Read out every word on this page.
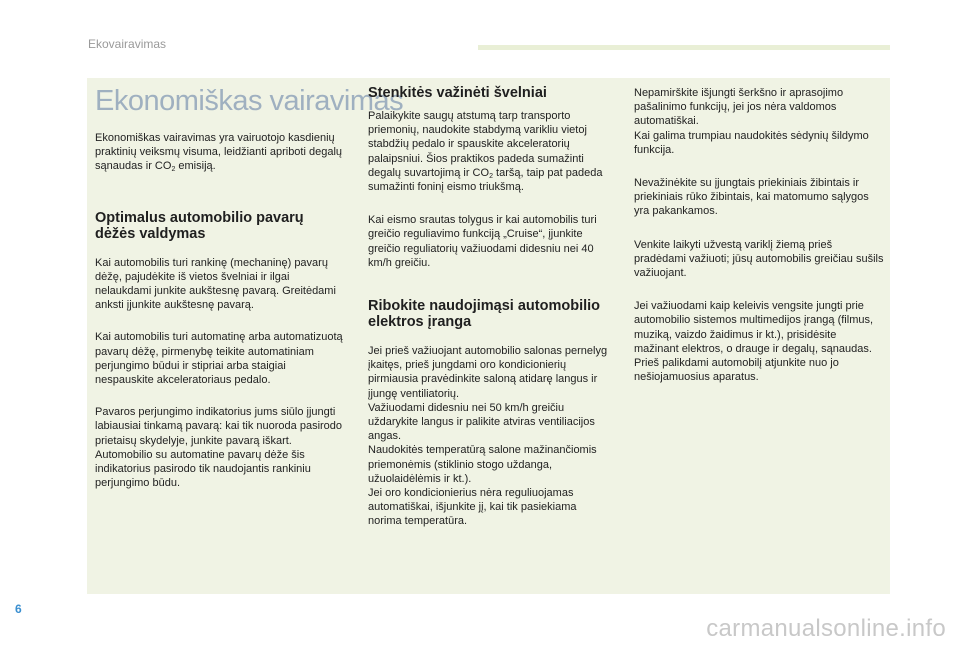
Ekovairavimas

Ekonomiškas vairavimas

Ekonomiškas vairavimas yra vairuotojo kasdienių praktinių veiksmų visuma, leidžianti apriboti degalų sąnaudas ir $CO_2$ emisiją.

Optimalus automobilio pavarų dėžės valdymas

Kai automobilis turi rankinę (mechaninę) pavarų dėžę, pajudėkite iš vietos švelniai ir ilgai nelaukdami junkite aukštesnę pavarą. Greitėdami anksti įjunkite aukštesnę pavarą.

Kai automobilis turi automatinę arba automatizuotą pavarų dėžę, pirmenybę teikite automatiniam perjungimo būdui ir stipriai arba staigiai nespauskite akceleratoriaus pedalo.

Pavaros perjungimo indikatorius jums siūlo įjungti labiausiai tinkamą pavarą: kai tik nuoroda pasirodo prietaisų skydelyje, junkite pavarą iškart.
Automobilio su automatine pavarų dėže šis indikatorius pasirodo tik naudojantis rankiniu perjungimo būdu.

Stenkitės važinėti švelniai

Palaikykite saugų atstumą tarp transporto priemonių, naudokite stabdymą varikliu vietoj stabdžių pedalo ir spauskite akceleratorių palaipsniui. Šios praktikos padeda sumažinti degalų suvartojimą ir $CO_2$ taršą, taip pat padeda sumažinti foninį eismo triukšmą.

Kai eismo srautas tolygus ir kai automobilis turi greičio reguliavimo funkciją „Cruise“, įjunkite greičio reguliatorių važiuodami didesniu nei 40 km/h greičiu.

Ribokite naudojimąsi automobilio elektros įranga

Jei prieš važiuojant automobilio salonas pernelyg įkaitęs, prieš jungdami oro kondicionierių pirmiausia pravėdinkite saloną atidarę langus ir įjungę ventiliatorių.
Važiuodami didesniu nei 50 km/h greičiu uždarykite langus ir palikite atviras ventiliacijos angas.
Naudokitės temperatūrą salone mažinančiomis priemonėmis (stiklinio stogo uždanga, užuolaidėlėmis ir kt.).
Jei oro kondicionierius nėra reguliuojamas automatiškai, išjunkite jį, kai tik pasiekiama norima temperatūra.

Nepamirškite išjungti šerkšno ir aprasojimo pašalinimo funkcijų, jei jos nėra valdomos automatiškai.
Kai galima trumpiau naudokitės sėdynių šildymo funkcija.

Nevažinėkite su įjungtais priekiniais žibintais ir priekiniais rūko žibintais, kai matomumo sąlygos yra pakankamos.

Venkite laikyti užvestą variklį žiemą prieš pradėdami važiuoti; jūsų automobilis greičiau sušils važiuojant.

Jei važiuodami kaip keleivis vengsite jungti prie automobilio sistemos multimedijos įrangą (filmus, muziką, vaizdo žaidimus ir kt.), prisidėsite mažinant elektros, o drauge ir degalų, sąnaudas.
Prieš palikdami automobilį atjunkite nuo jo nešiojamuosius aparatus.

6

carmanualsonline.info
